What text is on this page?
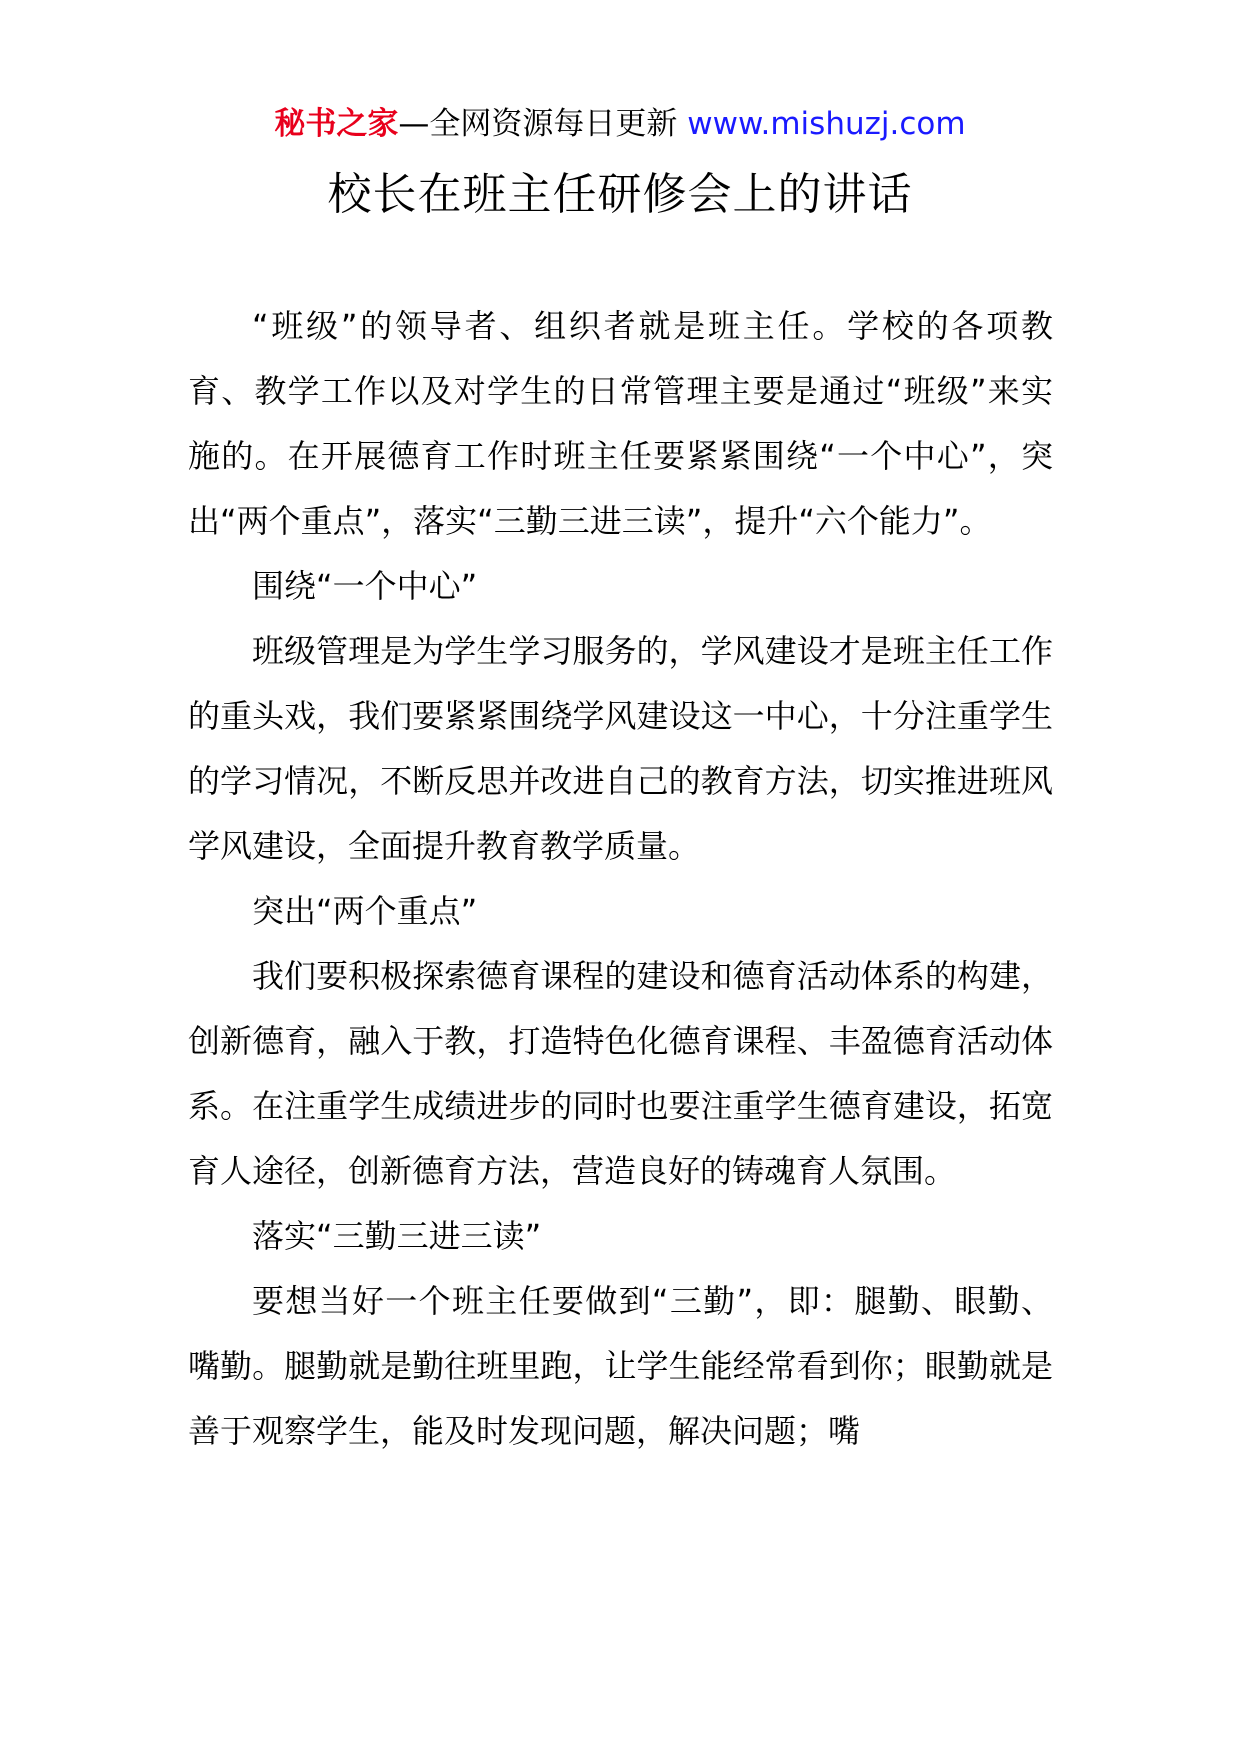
秘书之家—全网资源每日更新 www.mishuzj.com
校长在班主任研修会上的讲话

“班级”的领导者、组织者就是班主任。学校的各项教育、教学工作以及对学生的日常管理主要是通过“班级”来实施的。在开展德育工作时班主任要紧紧围绕“一个中心”，突出“两个重点”，落实“三勤三进三读”，提升“六个能力”。

围绕“一个中心”

班级管理是为学生学习服务的，学风建设才是班主任工作的重头戏，我们要紧紧围绕学风建设这一中心，十分注重学生的学习情况，不断反思并改进自己的教育方法，切实推进班风学风建设，全面提升教育教学质量。

突出“两个重点”

我们要积极探索德育课程的建设和德育活动体系的构建，创新德育，融入于教，打造特色化德育课程、丰盈德育活动体系。在注重学生成绩进步的同时也要注重学生德育建设，拓宽育人途径，创新德育方法，营造良好的铸魂育人氛围。

落实“三勤三进三读”

要想当好一个班主任要做到“三勤”，即：腿勤、眼勤、嘴勤。腿勤就是勤往班里跑，让学生能经常看到你；眼勤就是善于观察学生，能及时发现问题，解决问题；嘴
